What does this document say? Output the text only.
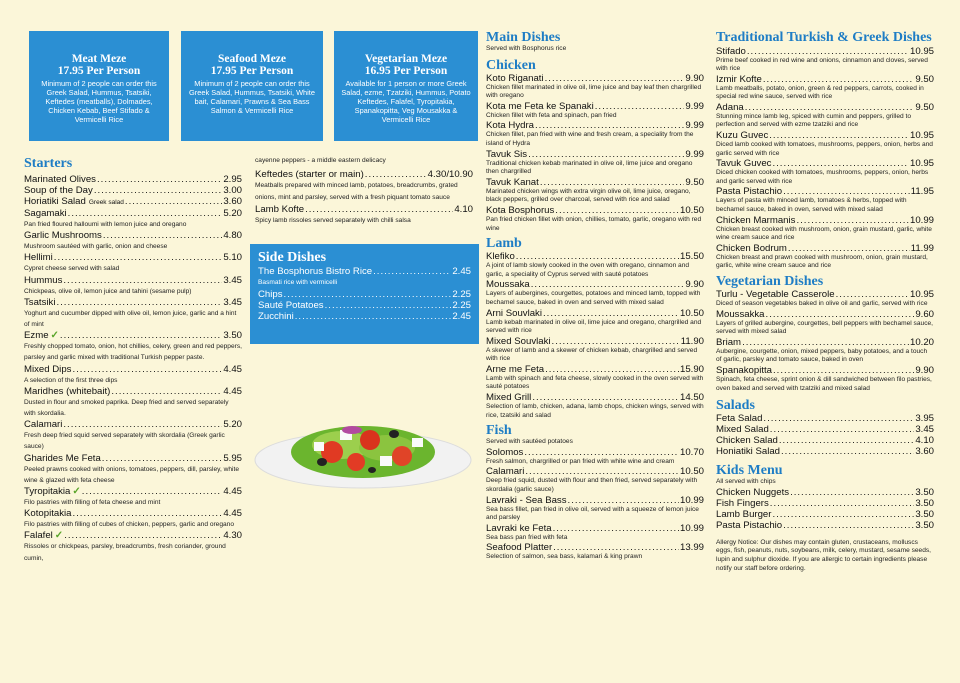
Meat Meze
17.95 Per Person

Minimum of 2 people can order this Greek Salad, Hummus, Tsatsiki, Keftedes (meatballs), Dolmades, Chicken Kebab, Beef Stifado & Vermicelli Rice

Seafood Meze
17.95 Per Person

Minimum of 2 people can order this Greek Salad, Hummus, Tsatsiki, White bait, Calamari, Prawns & Sea Bass Salmon & Vermicelli Rice

Vegetarian Meze
16.95 Per Person

Available for 1 person or more Greek Salad, ezme, Tzatziki, Hummus, Potato Keftedes, Falafel, Tyropitakia, Spanakopitta, Veg Mousakka & Vermicelli Rice

Starters
Marinated Olives .....	2.95
Soup of the Day .....	3.00
Horiatiki Salad Greek salad .....	3.60
Sagamaki .....	5.20
Pan fried floured halloumi with lemon juice and oregano
Garlic Mushrooms .....	4.80
Mushroom sautéed with garlic, onion and cheese
Hellimi .....	5.10
Cypret cheese served with salad
Hummus .....	3.45
Chickpeas, olive oil, lemon juice and tahini (sesame pulp)
Tsatsiki .....	3.45
Yoghurt and cucumber dipped with olive oil, lemon juice, garlic and a hint of mint
Ezme ✓ .....	3.50
Freshly chopped tomato, onion, hot chillies, celery, green and red peppers, parsley and garlic mixed with traditional Turkish pepper paste.
Mixed Dips .....	4.45
A selection of the first three dips
Maridhes (whitebait) .....	4.45
Dusted in flour and smoked paprika. Deep fried and served separately with skordalia.
Calamari .....	5.20
Fresh deep fried squid served separately with skordalia (Greek garlic sauce)
Gharides Me Feta .....	5.95
Peeled prawns cooked with onions, tomatoes, peppers, dill, parsley, white wine & glazed with feta cheese
Tyropitakia ✓ .....	4.45
Filo pastries with filling of feta cheese and mint
Kotopitakia .....	4.45
Filo pastries with filling of cubes of chicken, peppers, garlic and oregano
Falafel ✓ .....	4.30
Rissoles or chickpeas, parsley, breadcrumbs, fresh coriander, ground cumin,
cayenne peppers - a middle eastern delicacy
Keftedes (starter or main) .....	4.30/10.90
Meatballs prepared with minced lamb, potatoes, breadcrumbs, grated onions, mint and parsley, served with a fresh piquant tomato sauce
Lamb Kofte .....	4.10
Spicy lamb rissoles served separately with chilli salsa
Side Dishes
The Bosphorus Bistro Rice .....	2.45
Basmati rice with vermicelli
Chips .....	2.25
Sauté Potatoes .....	2.25
Zucchini .....	2.45
Main Dishes
Served with Bosphorus rice
Chicken
Koto Riganati .....	9.90
Chicken fillet marinated in olive oil, lime juice and bay leaf then chargrilled with oregano
Kota me Feta ke Spanaki .....	9.99
Chicken fillet with feta and spinach, pan fried
Kota Hydra .....	9.99
Chicken fillet, pan fried with wine and fresh cream, a speciality from the island of Hydra
Tavuk Sis .....	9.99
Traditional chicken kebab marinated in olive oil, lime juice and oregano then chargrilled
Tavuk Kanat .....	9.50
Marinated chicken wings with extra virgin olive oil, lime juice, oregano, black peppers, grilled over charcoal, served with rice and salad
Kota Bosphorus .....	10.50
Pan fried chicken fillet with onion, chillies, tomato, garlic, oregano with red wine
Lamb
Klefiko .....	15.50
A joint of lamb slowly cooked in the oven with oregano, cinnamon and garlic, a speciality of Cyprus served with sauté potatoes
Moussaka .....	9.90
Layers of aubergines, courgettes, potatoes and minced lamb, topped with bechamel sauce, baked in oven and served with mixed salad
Arni Souvlaki .....	10.50
Lamb kebab marinated in olive oil, lime juice and oregano, chargrilled and served with rice
Mixed Souvlaki .....	11.90
A skewer of lamb and a skewer of chicken kebab, chargrilled and served with rice
Arne me Feta .....	15.90
Lamb with spinach and feta cheese, slowly cooked in the oven served with sauté potatoes
Mixed Grill .....	14.50
Selection of lamb, chicken, adana, lamb chops, chicken wings, served with rice, tzatsiki and salad
Fish
Served with sautéed potatoes
Solomos .....	10.70
Fresh salmon, chargrilled or pan fried with white wine and cream
Calamari .....	10.50
Deep fried squid, dusted with flour and then fried, served separately with skordalia (garlic sauce)
Lavraki - Sea Bass .....	10.99
Sea bass fillet, pan fried in olive oil, served with a squeeze of lemon juice and parsley
Lavraki ke Feta .....	10.99
Sea bass pan fried with feta
Seafood Platter .....	13.99
Selection of salmon, sea bass, kalamari & king prawn
Traditional Turkish & Greek Dishes
Stifado .....	10.95
Prime beef cooked in red wine and onions, cinnamon and cloves, served with rice
Izmir Kofte .....	9.50
Lamb meatballs, potato, onion, green & red peppers, carrots, cooked in special red wine sauce, served with rice
Adana .....	9.50
Stunning mince lamb leg, spiced with cumin and peppers, grilled to perfection and served with ezme tzatziki and rice
Kuzu Guvec .....	10.95
Diced lamb cooked with tomatoes, mushrooms, peppers, onion, herbs and garlic served with rice
Tavuk Guvec .....	10.95
Diced chicken cooked with tomatoes, mushrooms, peppers, onion, herbs and garlic served with rice
Pasta Pistachio .....	11.95
Layers of pasta with minced lamb, tomatoes & herbs, topped with bechamel sauce, baked in oven, served with mixed salad
Chicken Marmanis .....	10.99
Chicken breast cooked with mushroom, onion, grain mustard, garlic, white wine cream sauce and rice
Chicken Bodrum .....	11.99
Chicken breast and prawn cooked with mushroom, onion, grain mustard, garlic, white wine cream sauce and rice
Vegetarian Dishes
Turlu - Vegetable Casserole .....	10.95
Diced of season vegetables baked in olive oil and garlic, served with rice
Moussakka .....	9.60
Layers of grilled aubergine, courgettes, bell peppers with bechamel sauce, served with mixed salad
Briam .....	10.20
Aubergine, courgette, onion, mixed peppers, baby potatoes, and a touch of garlic, parsley and tomato sauce, baked in oven
Spanakopitta .....	9.90
Spinach, feta cheese, sprint onion & dill sandwiched between filo pastries, oven baked and served with tzatziki and mixed salad
Salads
Feta Salad .....	3.95
Mixed Salad .....	3.45
Chicken Salad .....	4.10
Honiatiki Salad .....	3.60
Kids Menu
All served with chips
Chicken Nuggets .....	3.50
Fish Fingers .....	3.50
Lamb Burger .....	3.50
Pasta Pistachio .....	3.50
Allergy Notice: Our dishes may contain gluten, crustaceans, molluscs eggs, fish, peanuts, nuts, soybeans, milk, celery, mustard, sesame seeds, lupin and sulphur dioxide. If you are allergic to certain ingredients please notify our staff before ordering.
